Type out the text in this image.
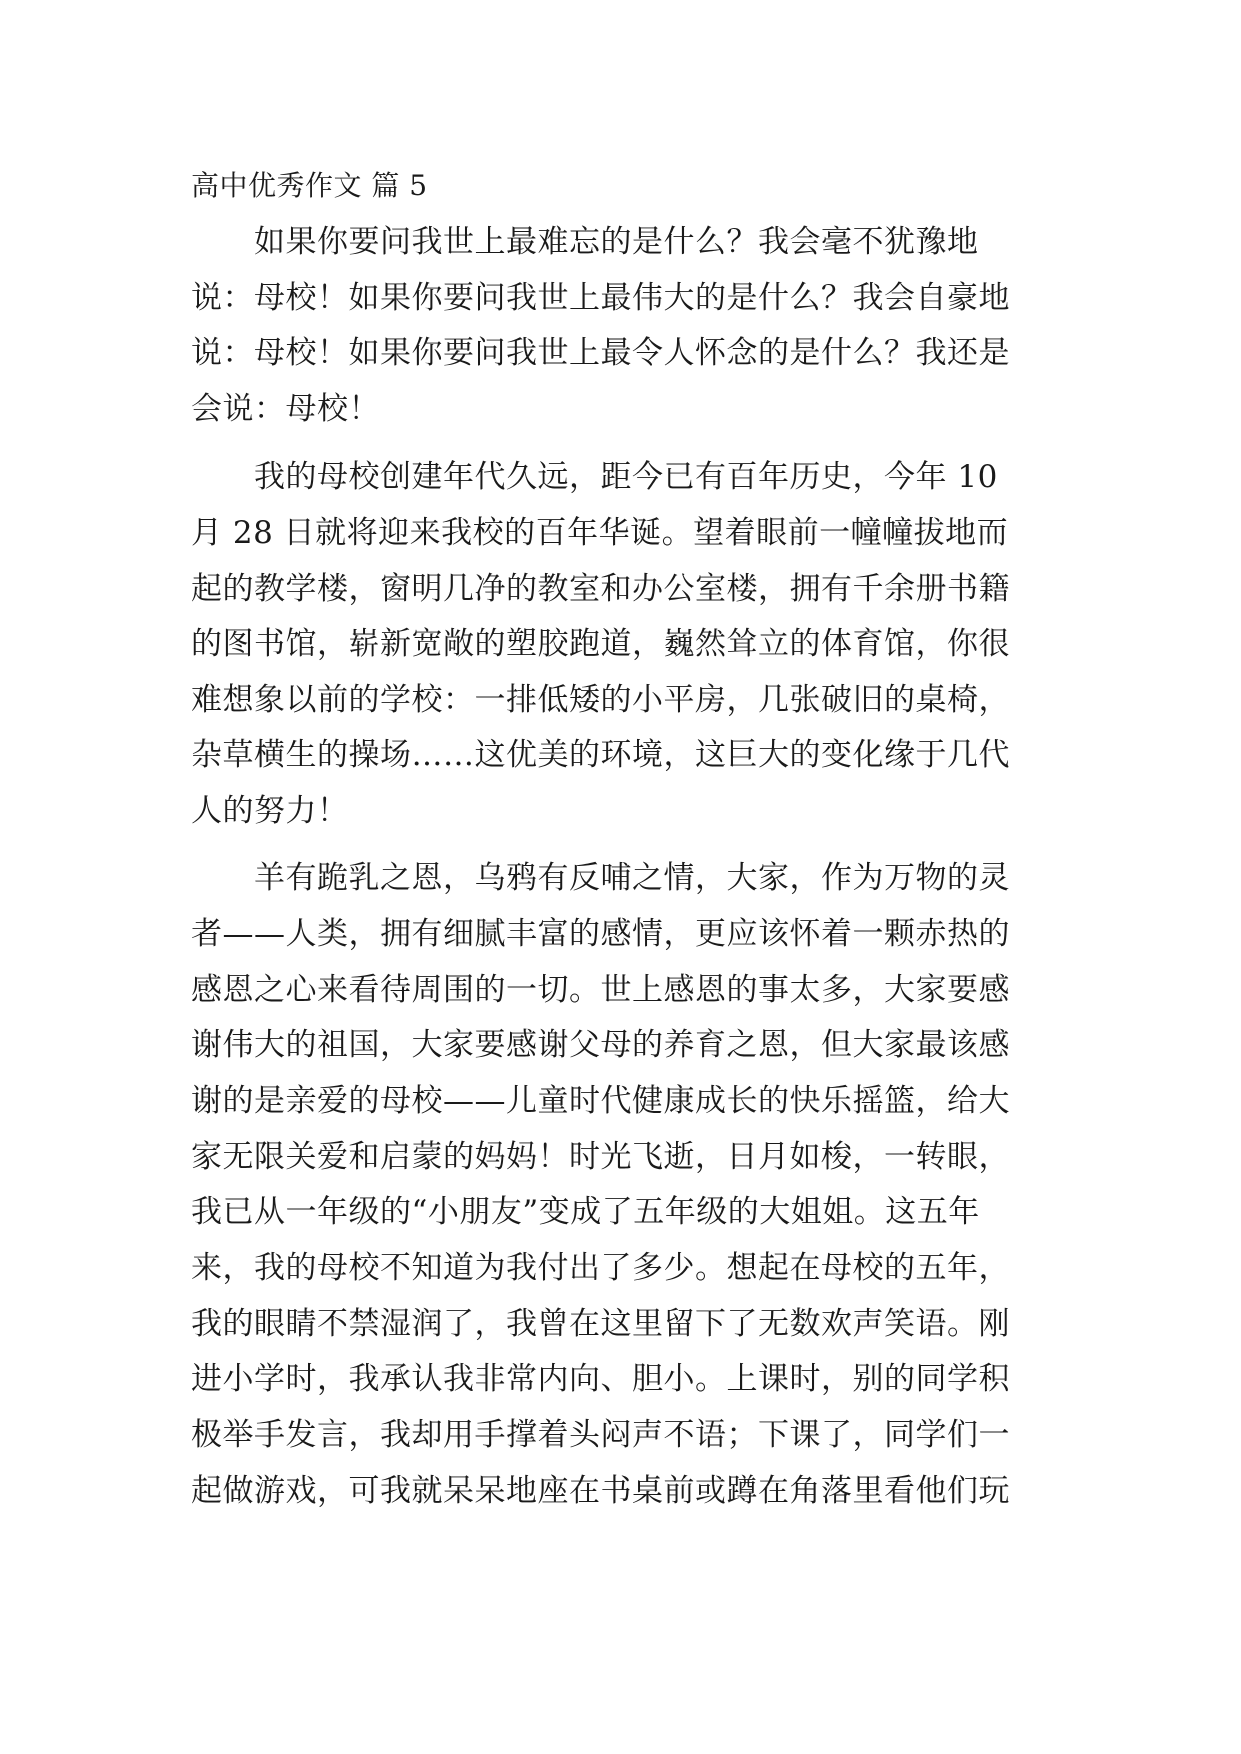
高中优秀作文 篇 5
　　如果你要问我世上最难忘的是什么？我会毫不犹豫地
说：母校！如果你要问我世上最伟大的是什么？我会自豪地
说：母校！如果你要问我世上最令人怀念的是什么？我还是
会说：母校！
　　我的母校创建年代久远，距今已有百年历史，今年 10
月 28 日就将迎来我校的百年华诞。望着眼前一幢幢拔地而
起的教学楼，窗明几净的教室和办公室楼，拥有千余册书籍
的图书馆，崭新宽敞的塑胶跑道，巍然耸立的体育馆，你很
难想象以前的学校：一排低矮的小平房，几张破旧的桌椅，
杂草横生的操场……这优美的环境，这巨大的变化缘于几代
人的努力！
　　羊有跪乳之恩，乌鸦有反哺之情，大家，作为万物的灵
者——人类，拥有细腻丰富的感情，更应该怀着一颗赤热的
感恩之心来看待周围的一切。世上感恩的事太多，大家要感
谢伟大的祖国，大家要感谢父母的养育之恩，但大家最该感
谢的是亲爱的母校——儿童时代健康成长的快乐摇篮，给大
家无限关爱和启蒙的妈妈！时光飞逝，日月如梭，一转眼，
我已从一年级的“小朋友”变成了五年级的大姐姐。这五年
来，我的母校不知道为我付出了多少。想起在母校的五年，
我的眼睛不禁湿润了，我曾在这里留下了无数欢声笑语。刚
进小学时，我承认我非常内向、胆小。上课时，别的同学积
极举手发言，我却用手撑着头闷声不语；下课了，同学们一
起做游戏，可我就呆呆地座在书桌前或蹲在角落里看他们玩
